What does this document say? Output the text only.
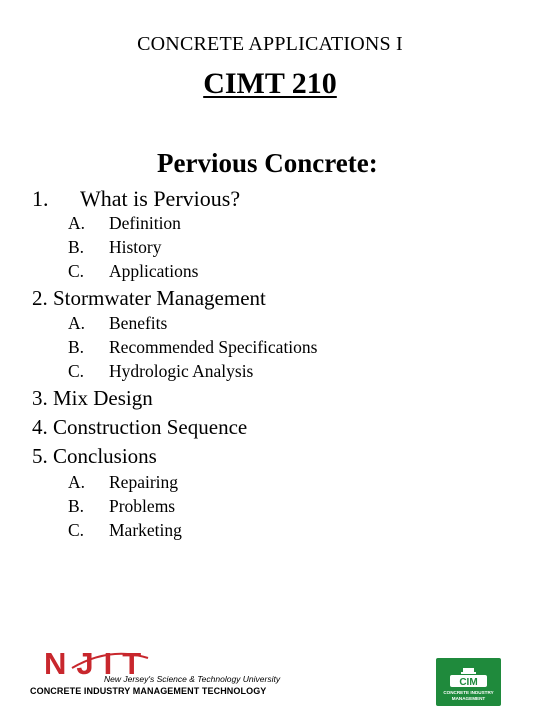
CONCRETE APPLICATIONS I
CIMT 210
Pervious Concrete:
1. What is Pervious?
A. Definition
B. History
C. Applications
2. Stormwater Management
A. Benefits
B. Recommended Specifications
C. Hydrologic Analysis
3. Mix Design
4. Construction Sequence
5. Conclusions
A. Repairing
B. Problems
C. Marketing
NJIT
New Jersey's Science & Technology University
CONCRETE INDUSTRY MANAGEMENT TECHNOLOGY
CIM
CONCRETE INDUSTRY MANAGEMENT
